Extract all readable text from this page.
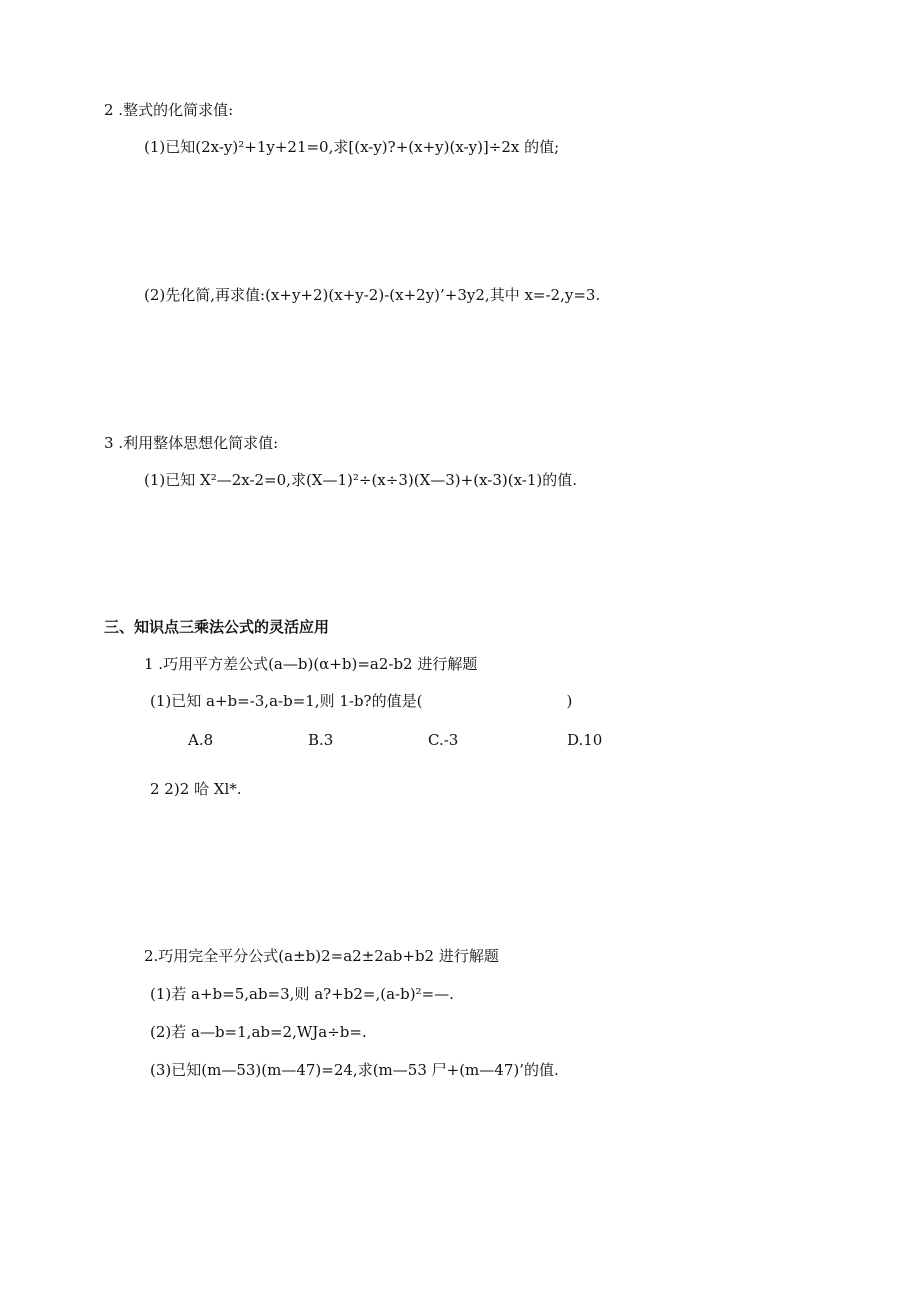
2 .整式的化简求值:
(1)已知(2x-y)²+1y+21=0,求[(x-y)?+(x+y)(x-y)]÷2x 的值;
(2)先化简,再求值:(x+y+2)(x+y-2)-(x+2y)’+3y2,其中 x=-2,y=3.
3 .利用整体思想化简求值:
(1)已知 X²—2x-2=0,求(X—1)²÷(x÷3)(X—3)+(x-3)(x-1)的值.
三、知识点三乘法公式的灵活应用
1 .巧用平方差公式(a—b)(α+b)=a2-b2 进行解题
(1)已知 a+b=-3,a-b=1,则 1-b?的值是(	)
A.8	B.3	C.-3	D.10
2 2)2 哈 Xl*.
2.巧用完全平分公式(a±b)2=a2±2ab+b2 进行解题
(1)若 a+b=5,ab=3,则 a?+b2=,(a-b)²=—.
(2)若 a—b=1,ab=2,WJa÷b=.
(3)已知(m—53)(m—47)=24,求(m—53 尸+(m—47)’的值.
